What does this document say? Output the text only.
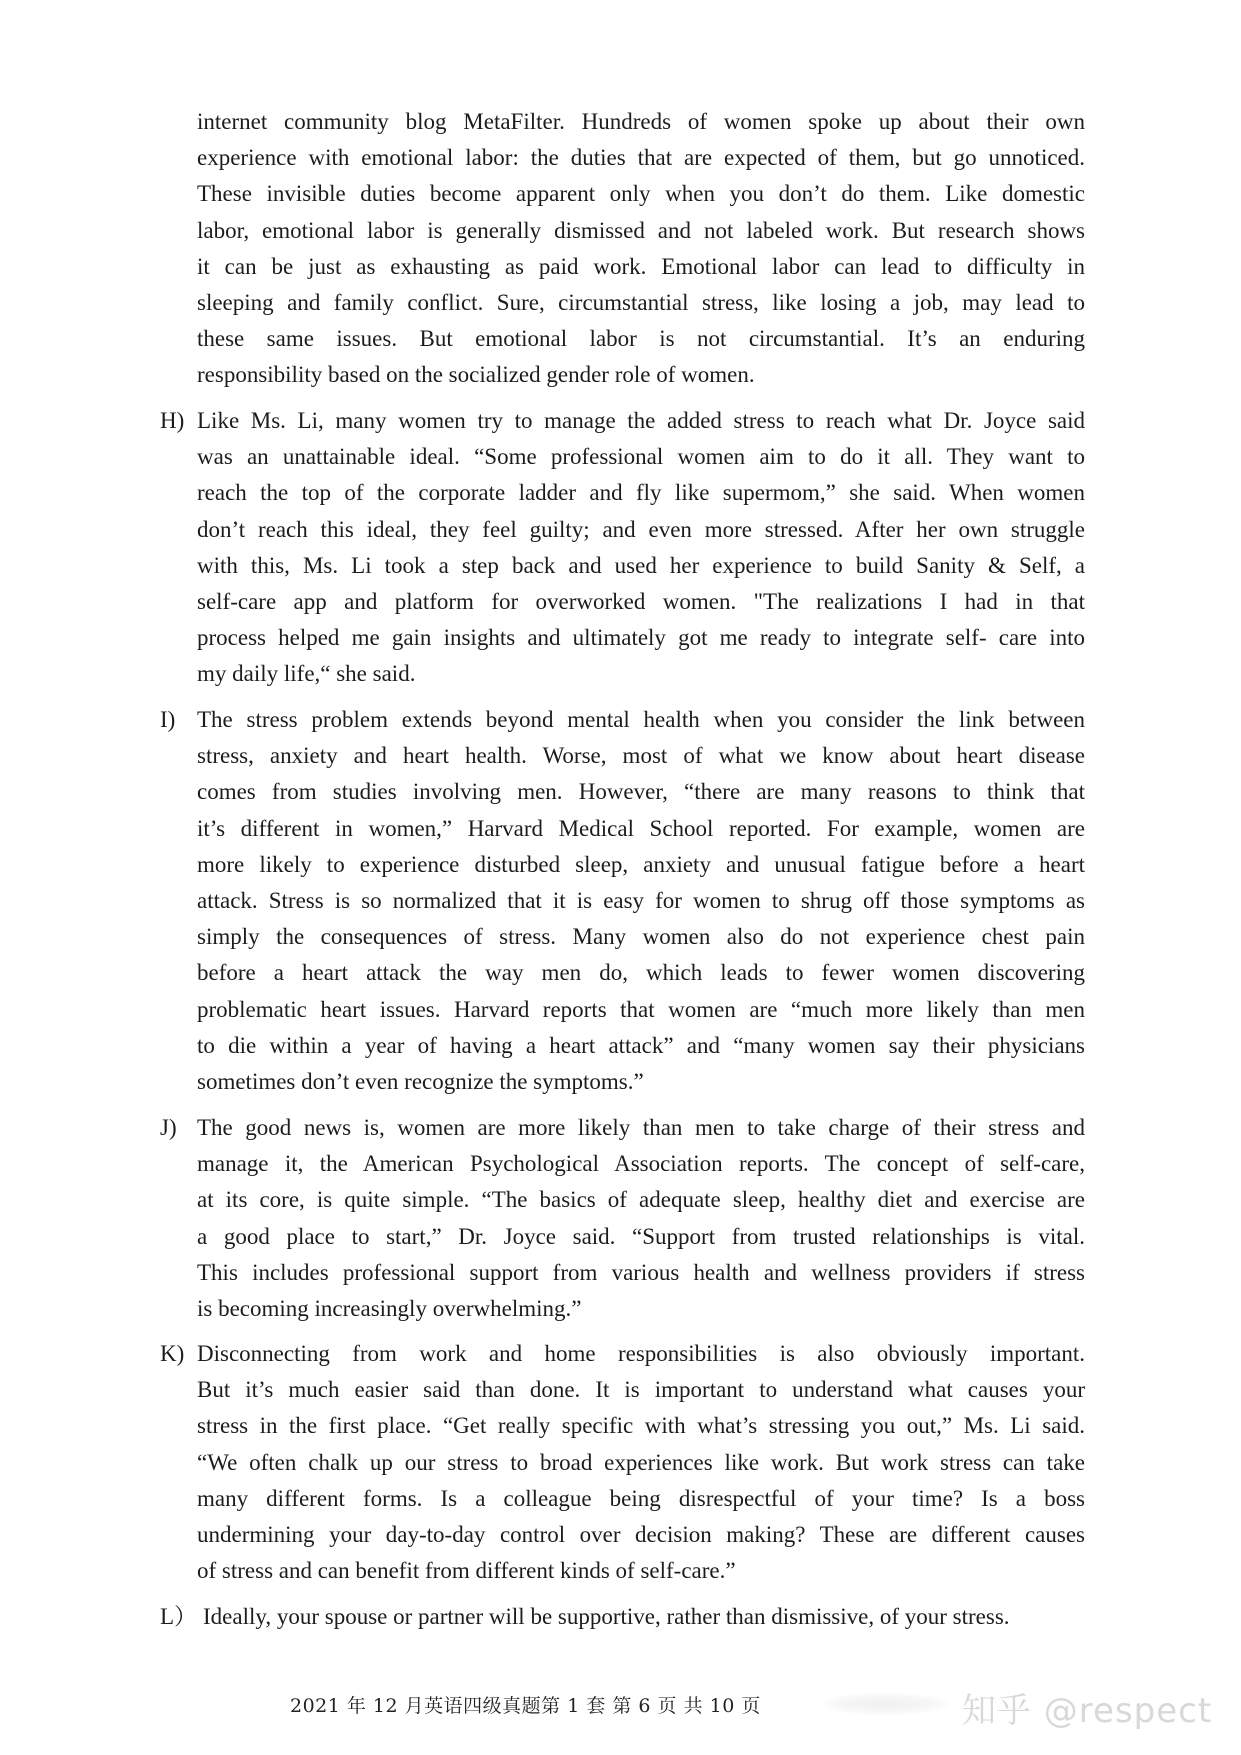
internet community blog MetaFilter. Hundreds of women spoke up about their own
experience with emotional labor: the duties that are expected of them, but go unnoticed.
These invisible duties become apparent only when you don’t do them. Like domestic
labor, emotional labor is generally dismissed and not labeled work. But research shows
it can be just as exhausting as paid work. Emotional labor can lead to difficulty in
sleeping and family conflict. Sure, circumstantial stress, like losing a job, may lead to
these same issues. But emotional labor is not circumstantial. It’s an enduring
responsibility based on the socialized gender role of women.
H) Like Ms. Li, many women try to manage the added stress to reach what Dr. Joyce said
was an unattainable ideal. “Some professional women aim to do it all. They want to
reach the top of the corporate ladder and fly like supermom,” she said. When women
don’t reach this ideal, they feel guilty; and even more stressed. After her own struggle
with this, Ms. Li took a step back and used her experience to build Sanity & Self, a
self-care app and platform for overworked women. "The realizations I had in that
process helped me gain insights and ultimately got me ready to integrate self- care into
my daily life,“ she said.
I) The stress problem extends beyond mental health when you consider the link between
stress, anxiety and heart health. Worse, most of what we know about heart disease
comes from studies involving men. However, “there are many reasons to think that
it’s different in women,” Harvard Medical School reported. For example, women are
more likely to experience disturbed sleep, anxiety and unusual fatigue before a heart
attack. Stress is so normalized that it is easy for women to shrug off those symptoms as
simply the consequences of stress. Many women also do not experience chest pain
before a heart attack the way men do, which leads to fewer women discovering
problematic heart issues. Harvard reports that women are “much more likely than men
to die within a year of having a heart attack” and “many women say their physicians
sometimes don’t even recognize the symptoms.”
J) The good news is, women are more likely than men to take charge of their stress and
manage it, the American Psychological Association reports. The concept of self-care,
at its core, is quite simple. “The basics of adequate sleep, healthy diet and exercise are
a good place to start,” Dr. Joyce said. “Support from trusted relationships is vital.
This includes professional support from various health and wellness providers if stress
is becoming increasingly overwhelming.”
K) Disconnecting from work and home responsibilities is also obviously important.
But it’s much easier said than done. It is important to understand what causes your
stress in the first place. “Get really specific with what’s stressing you out,” Ms. Li said.
“We often chalk up our stress to broad experiences like work. But work stress can take
many different forms. Is a colleague being disrespectful of your time? Is a boss
undermining your day-to-day control over decision making? These are different causes
of stress and can benefit from different kinds of self-care.”
L） Ideally, your spouse or partner will be supportive, rather than dismissive, of your stress.
2021 年 12 月英语四级真题第 1 套 第 6 页 共 10 页	知乎 @respect
